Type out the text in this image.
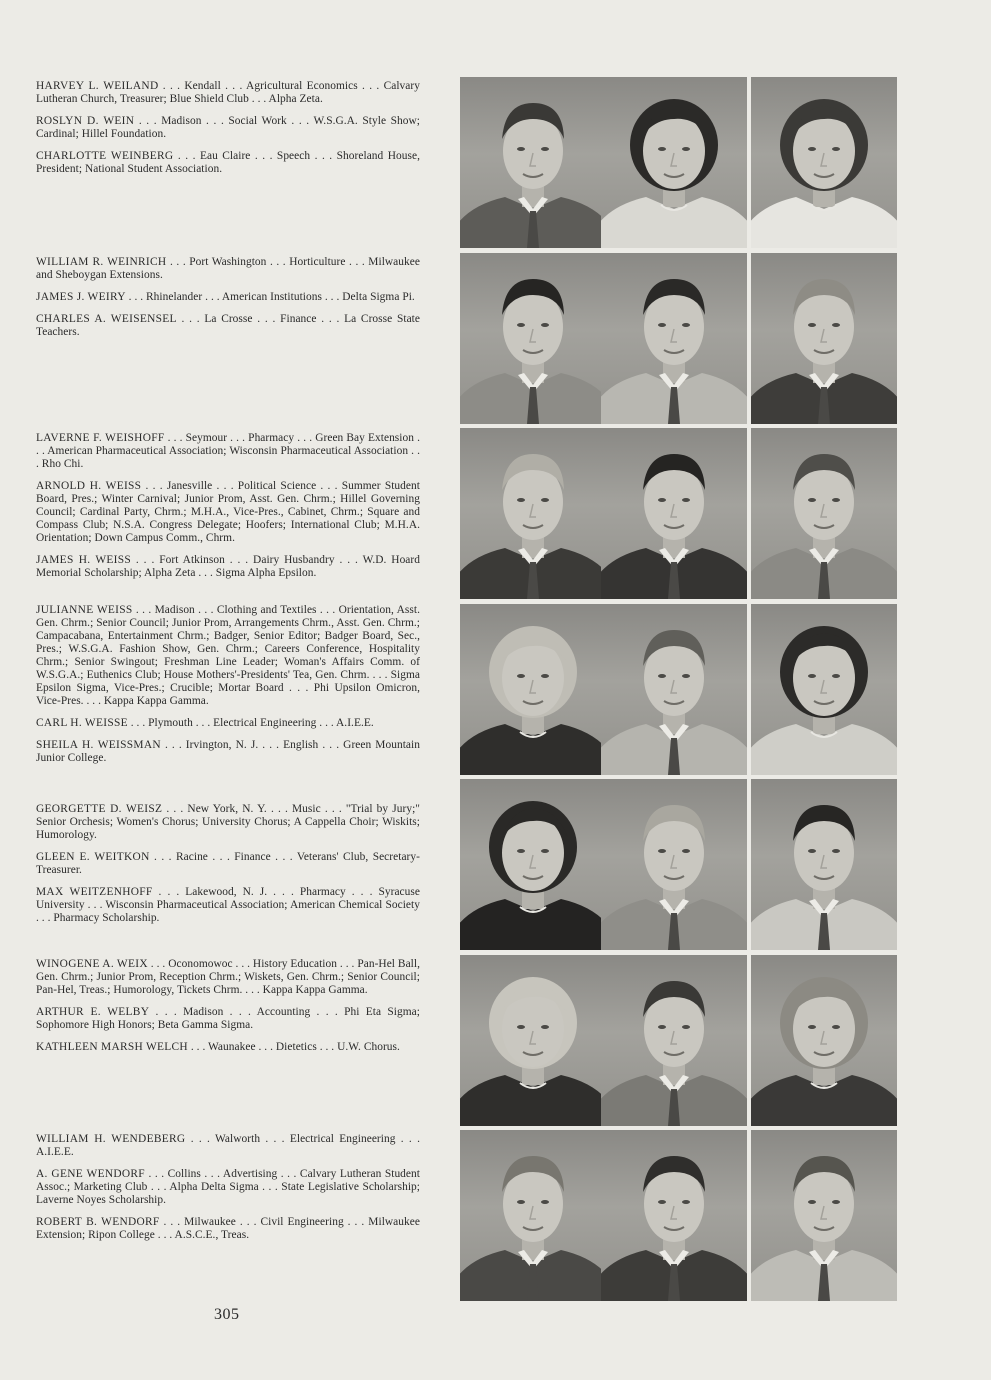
HARVEY L. WEILAND . . . Kendall . . . Agricultural Economics . . . Calvary Lutheran Church, Treasurer; Blue Shield Club . . . Alpha Zeta.

ROSLYN D. WEIN . . . Madison . . . Social Work . . . W.S.G.A. Style Show; Cardinal; Hillel Foundation.

CHARLOTTE WEINBERG . . . Eau Claire . . . Speech . . . Shoreland House, President; National Student Association.

WILLIAM R. WEINRICH . . . Port Washington . . . Horticulture . . . Milwaukee and Sheboygan Extensions.

JAMES J. WEIRY . . . Rhinelander . . . American Institutions . . . Delta Sigma Pi.

CHARLES A. WEISENSEL . . . La Crosse . . . Finance . . . La Crosse State Teachers.

LAVERNE F. WEISHOFF . . . Seymour . . . Pharmacy . . . Green Bay Extension . . . American Pharmaceutical Association; Wisconsin Pharmaceutical Association . . . Rho Chi.

ARNOLD H. WEISS . . . Janesville . . . Political Science . . . Summer Student Board, Pres.; Winter Carnival; Junior Prom, Asst. Gen. Chrm.; Hillel Governing Council; Cardinal Party, Chrm.; M.H.A., Vice-Pres., Cabinet, Chrm.; Square and Compass Club; N.S.A. Congress Delegate; Hoofers; International Club; M.H.A. Orientation; Down Campus Comm., Chrm.

JAMES H. WEISS . . . Fort Atkinson . . . Dairy Husbandry . . . W.D. Hoard Memorial Scholarship; Alpha Zeta . . . Sigma Alpha Epsilon.

JULIANNE WEISS . . . Madison . . . Clothing and Textiles . . . Orientation, Asst. Gen. Chrm.; Senior Council; Junior Prom, Arrangements Chrm., Asst. Gen. Chrm.; Campacabana, Entertainment Chrm.; Badger, Senior Editor; Badger Board, Sec., Pres.; W.S.G.A. Fashion Show, Gen. Chrm.; Careers Conference, Hospitality Chrm.; Senior Swingout; Freshman Line Leader; Woman's Affairs Comm. of W.S.G.A.; Euthenics Club; House Mothers'-Presidents' Tea, Gen. Chrm. . . . Sigma Epsilon Sigma, Vice-Pres.; Crucible; Mortar Board . . . Phi Upsilon Omicron, Vice-Pres. . . . Kappa Kappa Gamma.

CARL H. WEISSE . . . Plymouth . . . Electrical Engineering . . . A.I.E.E.

SHEILA H. WEISSMAN . . . Irvington, N. J. . . . English . . . Green Mountain Junior College.

GEORGETTE D. WEISZ . . . New York, N. Y. . . . Music . . . "Trial by Jury;" Senior Orchesis; Women's Chorus; University Chorus; A Cappella Choir; Wiskits; Humorology.

GLEEN E. WEITKON . . . Racine . . . Finance . . . Veterans' Club, Secretary-Treasurer.

MAX WEITZENHOFF . . . Lakewood, N. J. . . . Pharmacy . . . Syracuse University . . . Wisconsin Pharmaceutical Association; American Chemical Society . . . Pharmacy Scholarship.

WINOGENE A. WEIX . . . Oconomowoc . . . History Education . . . Pan-Hel Ball, Gen. Chrm.; Junior Prom, Reception Chrm.; Wiskets, Gen. Chrm.; Senior Council; Pan-Hel, Treas.; Humorology, Tickets Chrm. . . . Kappa Kappa Gamma.

ARTHUR E. WELBY . . . Madison . . . Accounting . . . Phi Eta Sigma; Sophomore High Honors; Beta Gamma Sigma.

KATHLEEN MARSH WELCH . . . Waunakee . . . Dietetics . . . U.W. Chorus.

WILLIAM H. WENDEBERG . . . Walworth . . . Electrical Engineering . . . A.I.E.E.

A. GENE WENDORF . . . Collins . . . Advertising . . . Calvary Lutheran Student Assoc.; Marketing Club . . . Alpha Delta Sigma . . . State Legislative Scholarship; Laverne Noyes Scholarship.

ROBERT B. WENDORF . . . Milwaukee . . . Civil Engineering . . . Milwaukee Extension; Ripon College . . . A.S.C.E., Treas.

305
